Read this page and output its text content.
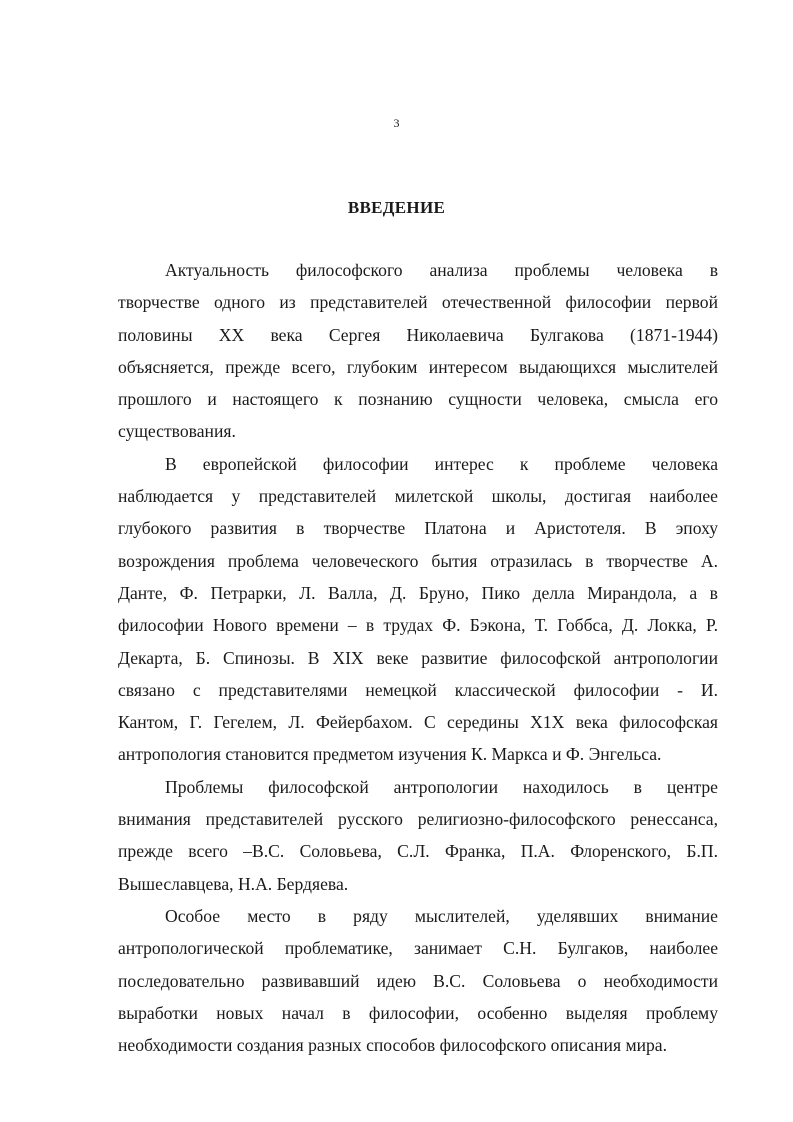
3
ВВЕДЕНИЕ

Актуальность философского анализа проблемы человека в
творчестве одного из представителей отечественной философии первой
половины XX века Сергея Николаевича Булгакова (1871-1944)
объясняется, прежде всего, глубоким интересом выдающихся мыслителей
прошлого и настоящего к познанию сущности человека, смысла его
существования.

В европейской философии интерес к проблеме человека
наблюдается у представителей милетской школы, достигая наиболее
глубокого развития в творчестве Платона и Аристотеля. В эпоху
возрождения проблема человеческого бытия отразилась в творчестве А.
Данте, Ф. Петрарки, Л. Валла, Д. Бруно, Пико делла Мирандола, а в
философии Нового времени – в трудах Ф. Бэкона, Т. Гоббса, Д. Локка, Р.
Декарта, Б. Спинозы. В XIX веке развитие философской антропологии
связано с представителями немецкой классической философии - И.
Кантом, Г. Гегелем, Л. Фейербахом. С середины X1X века философская
антропология становится предметом изучения К. Маркса и Ф. Энгельса.

Проблемы философской антропологии находилось в центре
внимания представителей русского религиозно-философского ренессанса,
прежде всего –В.С. Соловьева, С.Л. Франка, П.А. Флоренского, Б.П.
Вышеславцева, Н.А. Бердяева.

Особое место в ряду мыслителей, уделявших внимание
антропологической проблематике, занимает С.Н. Булгаков, наиболее
последовательно развивавший идею В.С. Соловьева о необходимости
выработки новых начал в философии, особенно выделяя проблему
необходимости создания разных способов философского описания мира.
